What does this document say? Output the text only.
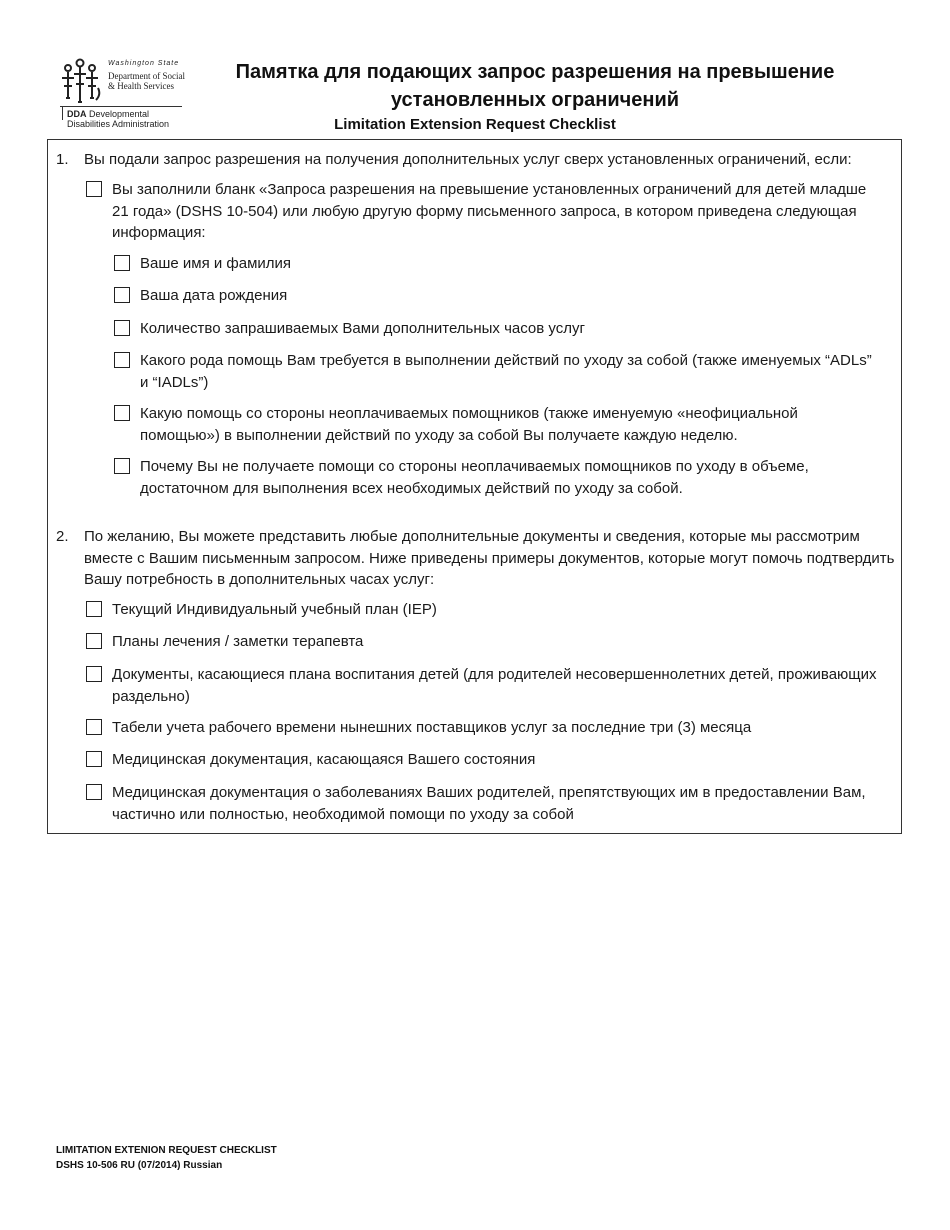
Washington State
Department of Social
& Health Services
DDA Developmental
Disabilities Administration
Памятка для подающих запрос разрешения на превышение установленных ограничений
Limitation Extension Request Checklist
1. Вы подали запрос разрешения на получения дополнительных услуг сверх установленных ограничений, если:
Вы заполнили бланк «Запроса разрешения на превышение установленных ограничений для детей младше 21 года» (DSHS 10-504) или любую другую форму письменного запроса, в котором приведена следующая информация:
Ваше имя и фамилия
Ваша дата рождения
Количество запрашиваемых Вами дополнительных часов услуг
Какого рода помощь Вам требуется в выполнении действий по уходу за собой (также именуемых “ADLs” и “IADLs”)
Какую помощь со стороны неоплачиваемых помощников (также именуемую «неофициальной помощью») в выполнении действий по уходу за собой Вы получаете каждую неделю.
Почему Вы не получаете помощи со стороны неоплачиваемых помощников по уходу в объеме, достаточном для выполнения всех необходимых действий по уходу за собой.
2. По желанию, Вы можете представить любые дополнительные документы и сведения, которые мы рассмотрим вместе с Вашим письменным запросом. Ниже приведены примеры документов, которые могут помочь подтвердить Вашу потребность в дополнительных часах услуг:
Текущий Индивидуальный учебный план (IEP)
Планы лечения / заметки терапевта
Документы, касающиеся плана воспитания детей (для родителей несовершеннолетних детей, проживающих раздельно)
Табели учета рабочего времени нынешних поставщиков услуг за последние три (3) месяца
Медицинская документация, касающаяся Вашего состояния
Медицинская документация о заболеваниях Ваших родителей, препятствующих им в предоставлении Вам, частично или полностью, необходимой помощи по уходу за собой
LIMITATION EXTENION REQUEST CHECKLIST
DSHS 10-506 RU (07/2014) Russian
